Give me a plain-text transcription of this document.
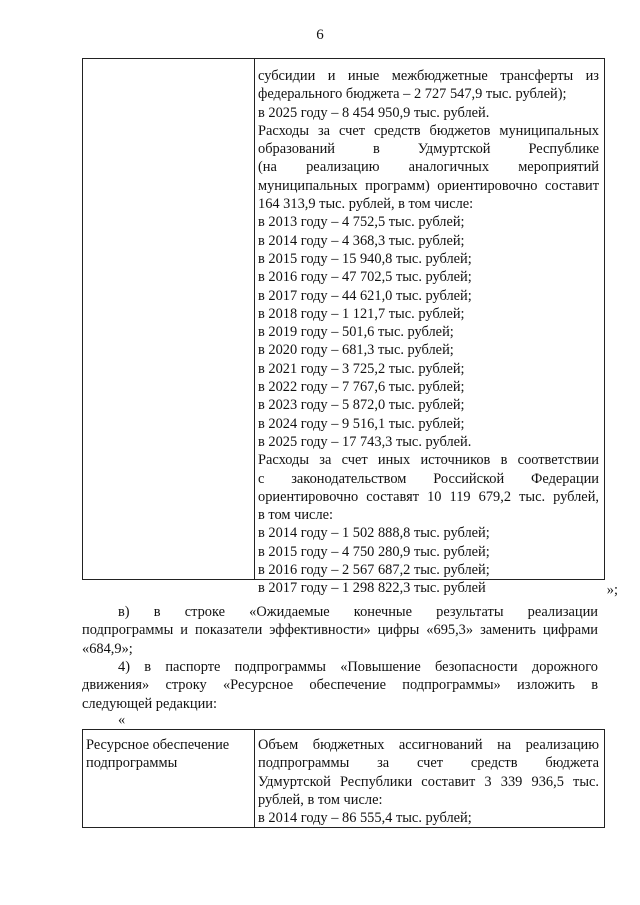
6
субсидии и иные межбюджетные трансферты из
федерального бюджета – 2 727 547,9 тыс. рублей);
в 2025 году – 8 454 950,9 тыс. рублей.
Расходы за счет средств бюджетов муниципальных
образований в Удмуртской Республике
(на реализацию аналогичных мероприятий
муниципальных программ) ориентировочно составит
164 313,9 тыс. рублей, в том числе:
в 2013 году – 4 752,5 тыс. рублей;
в 2014 году – 4 368,3 тыс. рублей;
в 2015 году – 15 940,8 тыс. рублей;
в 2016 году – 47 702,5 тыс. рублей;
в 2017 году – 44 621,0 тыс. рублей;
в 2018 году – 1 121,7 тыс. рублей;
в 2019 году – 501,6 тыс. рублей;
в 2020 году – 681,3 тыс. рублей;
в 2021 году – 3 725,2 тыс. рублей;
в 2022 году – 7 767,6 тыс. рублей;
в 2023 году – 5 872,0 тыс. рублей;
в 2024 году – 9 516,1 тыс. рублей;
в 2025 году – 17 743,3 тыс. рублей.
Расходы за счет иных источников в соответствии
с законодательством Российской Федерации
ориентировочно составят 10 119 679,2 тыс. рублей,
в том числе:
в 2014 году – 1 502 888,8 тыс. рублей;
в 2015 году – 4 750 280,9 тыс. рублей;
в 2016 году – 2 567 687,2 тыс. рублей;
в 2017 году – 1 298 822,3 тыс. рублей	»;
в) в строке «Ожидаемые конечные результаты реализации
подпрограммы и показатели эффективности» цифры «695,3» заменить цифрами
«684,9»;
4) в паспорте подпрограммы «Повышение безопасности дорожного
движения» строку «Ресурсное обеспечение подпрограммы» изложить в
следующей редакции:
«
Ресурсное обеспечение
подпрограммы
Объем бюджетных ассигнований на реализацию
подпрограммы за счет средств бюджета
Удмуртской Республики составит 3 339 936,5 тыс.
рублей, в том числе:
в 2014 году – 86 555,4 тыс. рублей;
